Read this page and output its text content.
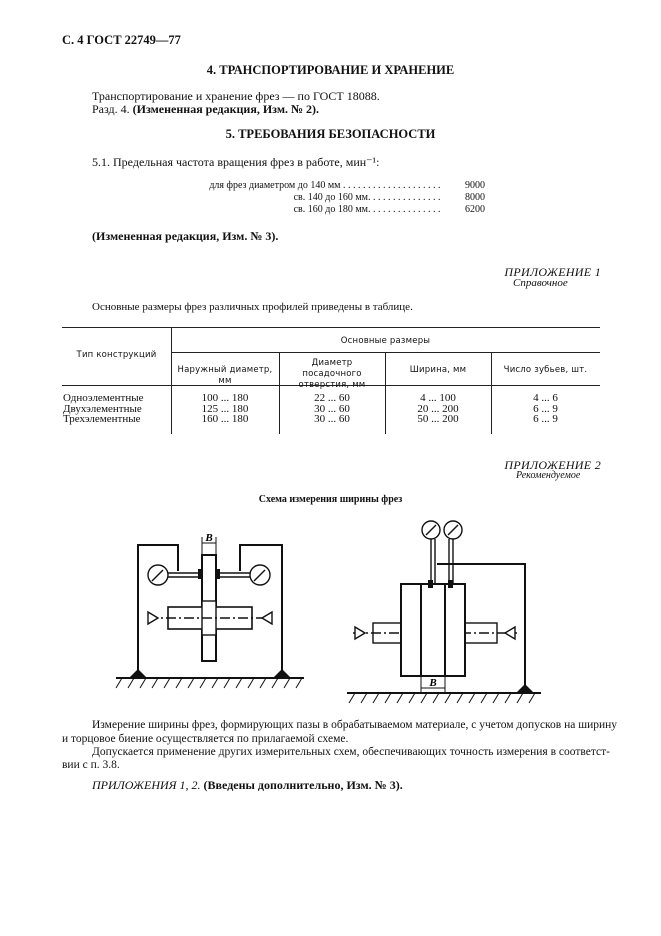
С. 4 ГОСТ 22749—77
4. ТРАНСПОРТИРОВАНИЕ И ХРАНЕНИЕ
Транспортирование и хранение фрез — по ГОСТ 18088.
Разд. 4. (Измененная редакция, Изм. № 2).
5. ТРЕБОВАНИЯ БЕЗОПАСНОСТИ
5.1. Предельная частота вращения фрез в работе, мин⁻¹:
для фрез диаметром до 140 мм . . . . . . . . . . . . . . . . . . . . 9000
св. 140 до 160 мм. . . . . . . . . . . . . . . 8000
св. 160 до 180 мм. . . . . . . . . . . . . . . 6200
(Измененная редакция, Изм. № 3).
ПРИЛОЖЕНИЕ 1
Справочное
Основные размеры фрез различных профилей приведены в таблице.
Тип конструкций
Основные размеры
Наружный диаметр, мм
Диаметр посадочного отверстия, мм
Ширина, мм	Число зубьев, шт.
Одноэлементные
Двухэлементные
Трехэлементные
100 ... 180
125 ... 180
160 ... 180
22 ... 60
30 ... 60
30 ... 60
4 ... 100
20 ... 200
50 ... 200
4 ... 6
6 ... 9
6 ... 9
ПРИЛОЖЕНИЕ 2
Рекомендуемое
Схема измерения ширины фрез
B
B
Измерение ширины фрез, формирующих пазы в обрабатываемом материале, с учетом допусков на ширину
и торцовое биение осуществляется по прилагаемой схеме.
Допускается применение других измерительных схем, обеспечивающих точность измерения в соответст-
вии с п. 3.8.
ПРИЛОЖЕНИЯ 1, 2. (Введены дополнительно, Изм. № 3).
